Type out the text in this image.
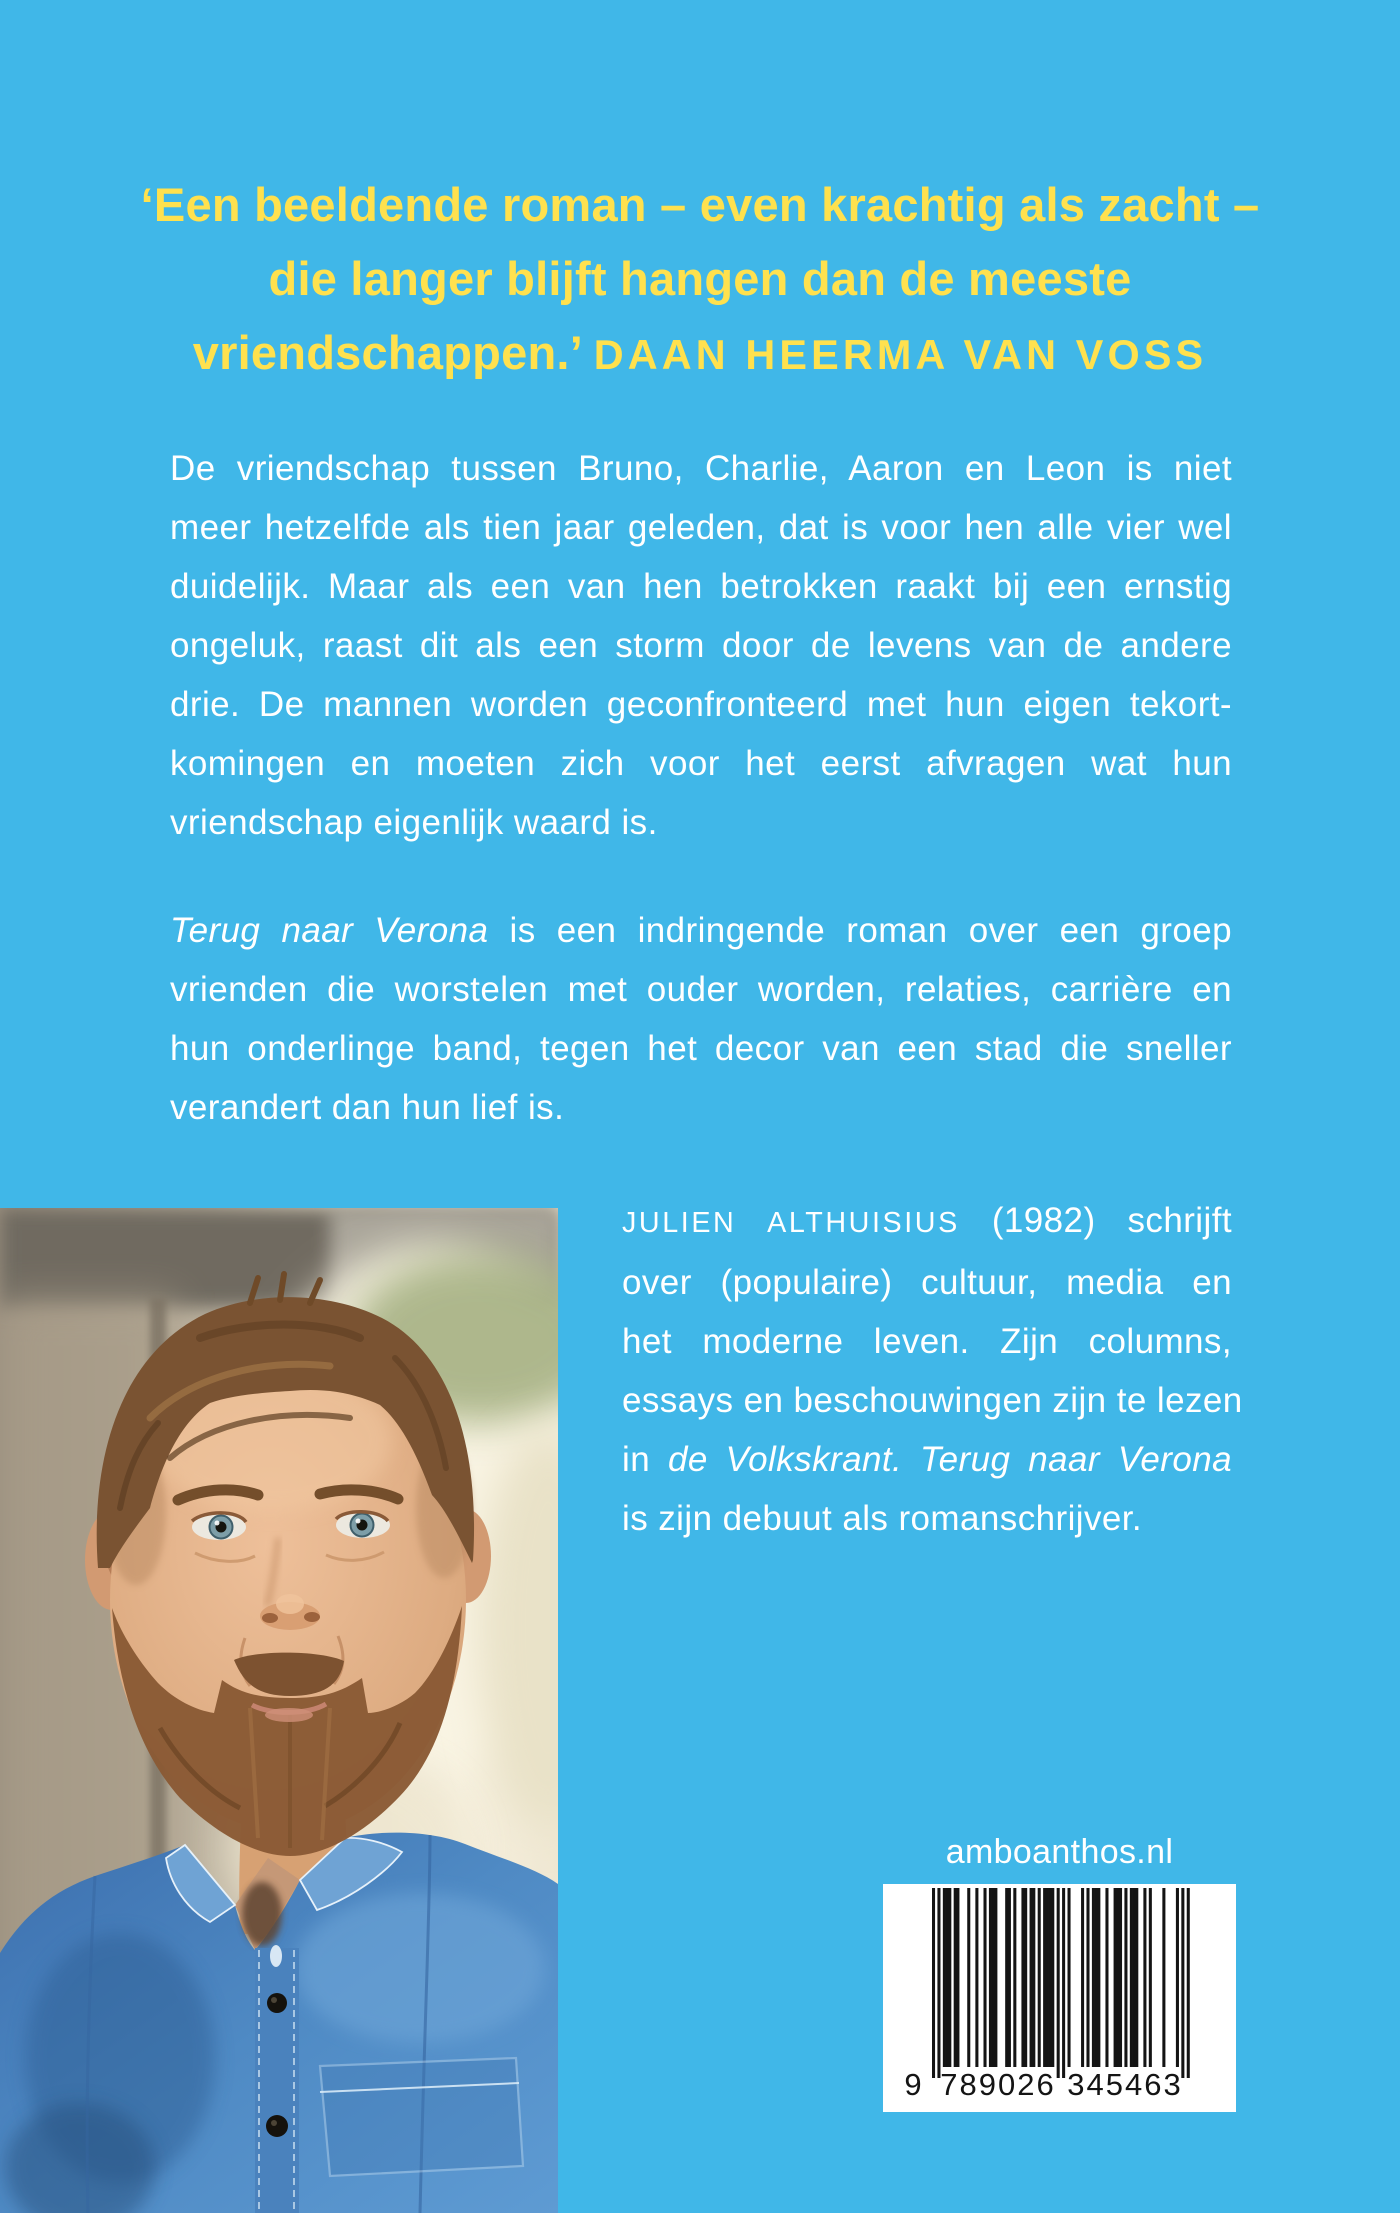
‘Een beeldende roman – even krachtig als zacht –
die langer blijft hangen dan de meeste
vriendschappen.’ DAAN HEERMA VAN VOSS
De vriendschap tussen Bruno, Charlie, Aaron en Leon is niet
meer hetzelfde als tien jaar geleden, dat is voor hen alle vier wel
duidelijk. Maar als een van hen betrokken raakt bij een ernstig
ongeluk, raast dit als een storm door de levens van de andere
drie. De mannen worden geconfronteerd met hun eigen tekort-
komingen en moeten zich voor het eerst afvragen wat hun
vriendschap eigenlijk waard is.
Terug naar Verona is een indringende roman over een groep
vrienden die worstelen met ouder worden, relaties, carrière en
hun onderlinge band, tegen het decor van een stad die sneller
verandert dan hun lief is.
JULIEN ALTHUISIUS (1982) schrijft
over (populaire) cultuur, media en
het moderne leven. Zijn columns,
essays en beschouwingen zijn te lezen
in de Volkskrant. Terug naar Verona
is zijn debuut als romanschrijver.
amboanthos.nl
9 789026 345463
